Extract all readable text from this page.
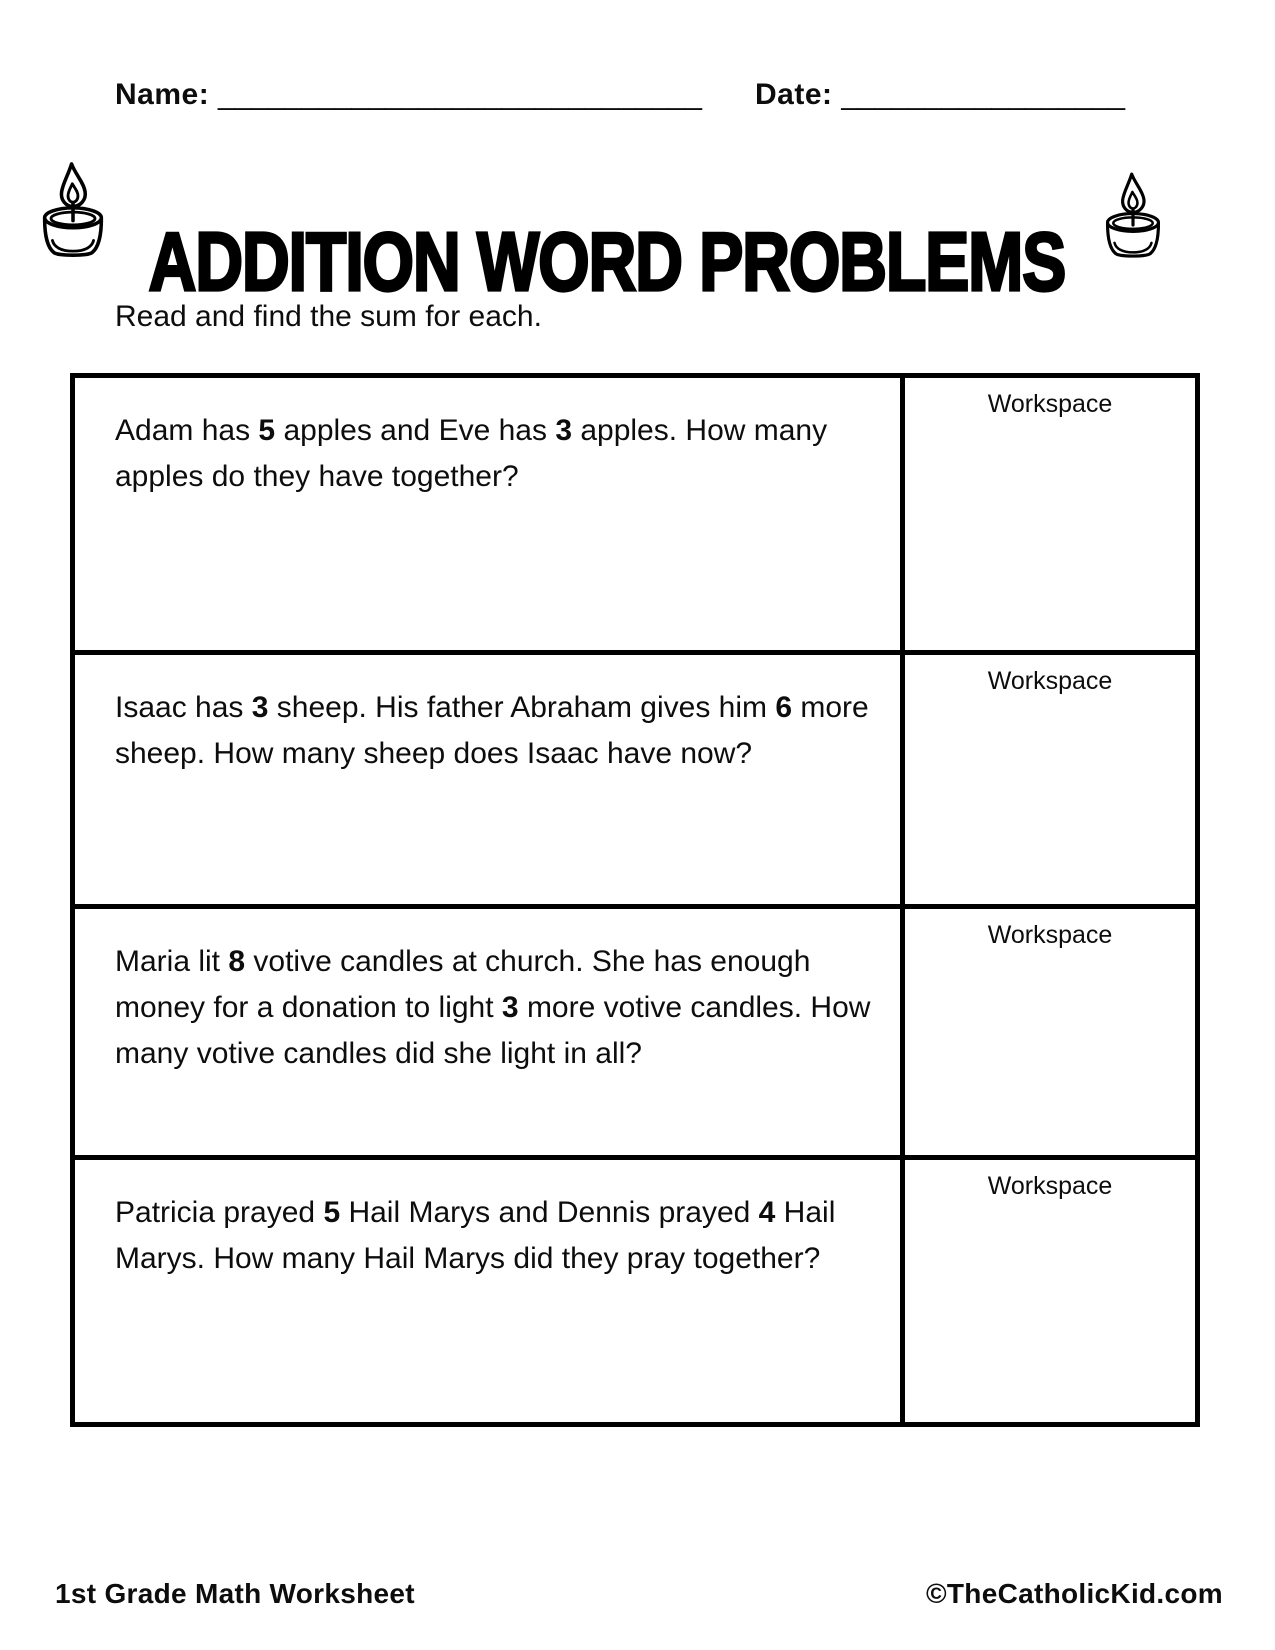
Name: _____________________________ Date: _________________
ADDITION WORD PROBLEMS

Read and find the sum for each.

Adam has 5 apples and Eve has 3 apples. How many apples do they have together?
Workspace
Isaac has 3 sheep. His father Abraham gives him 6 more sheep. How many sheep does Isaac have now?
Workspace
Maria lit 8 votive candles at church. She has enough money for a donation to light 3 more votive candles. How many votive candles did she light in all?
Workspace
Patricia prayed 5 Hail Marys and Dennis prayed 4 Hail Marys. How many Hail Marys did they pray together?
Workspace
1st Grade Math Worksheet	©TheCatholicKid.com
